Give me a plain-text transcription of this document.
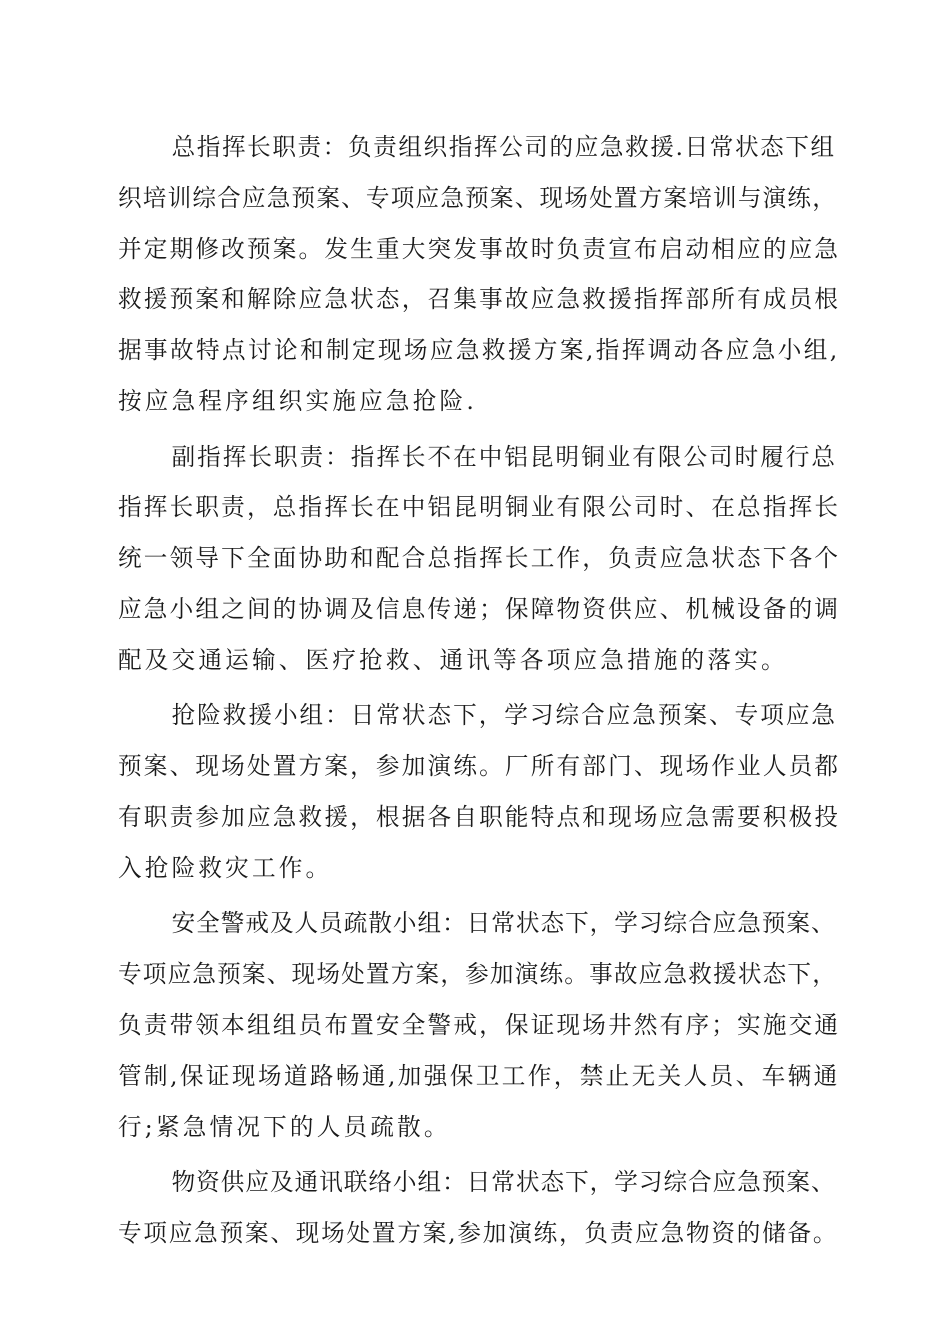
总指挥长职责：负责组织指挥公司的应急救援.日常状态下组
织培训综合应急预案、专项应急预案、现场处置方案培训与演练，
并定期修改预案。发生重大突发事故时负责宣布启动相应的应急
救援预案和解除应急状态，召集事故应急救援指挥部所有成员根
据事故特点讨论和制定现场应急救援方案,指挥调动各应急小组,
按应急程序组织实施应急抢险.

副指挥长职责：指挥长不在中铝昆明铜业有限公司时履行总
指挥长职责，总指挥长在中铝昆明铜业有限公司时、在总指挥长
统一领导下全面协助和配合总指挥长工作，负责应急状态下各个
应急小组之间的协调及信息传递；保障物资供应、机械设备的调
配及交通运输、医疗抢救、通讯等各项应急措施的落实。

抢险救援小组：日常状态下，学习综合应急预案、专项应急
预案、现场处置方案，参加演练。厂所有部门、现场作业人员都
有职责参加应急救援，根据各自职能特点和现场应急需要积极投
入抢险救灾工作。

安全警戒及人员疏散小组：日常状态下，学习综合应急预案、
专项应急预案、现场处置方案，参加演练。事故应急救援状态下，
负责带领本组组员布置安全警戒，保证现场井然有序；实施交通
管制,保证现场道路畅通,加强保卫工作，禁止无关人员、车辆通
行;紧急情况下的人员疏散。

物资供应及通讯联络小组：日常状态下，学习综合应急预案、
专项应急预案、现场处置方案,参加演练，负责应急物资的储备。
